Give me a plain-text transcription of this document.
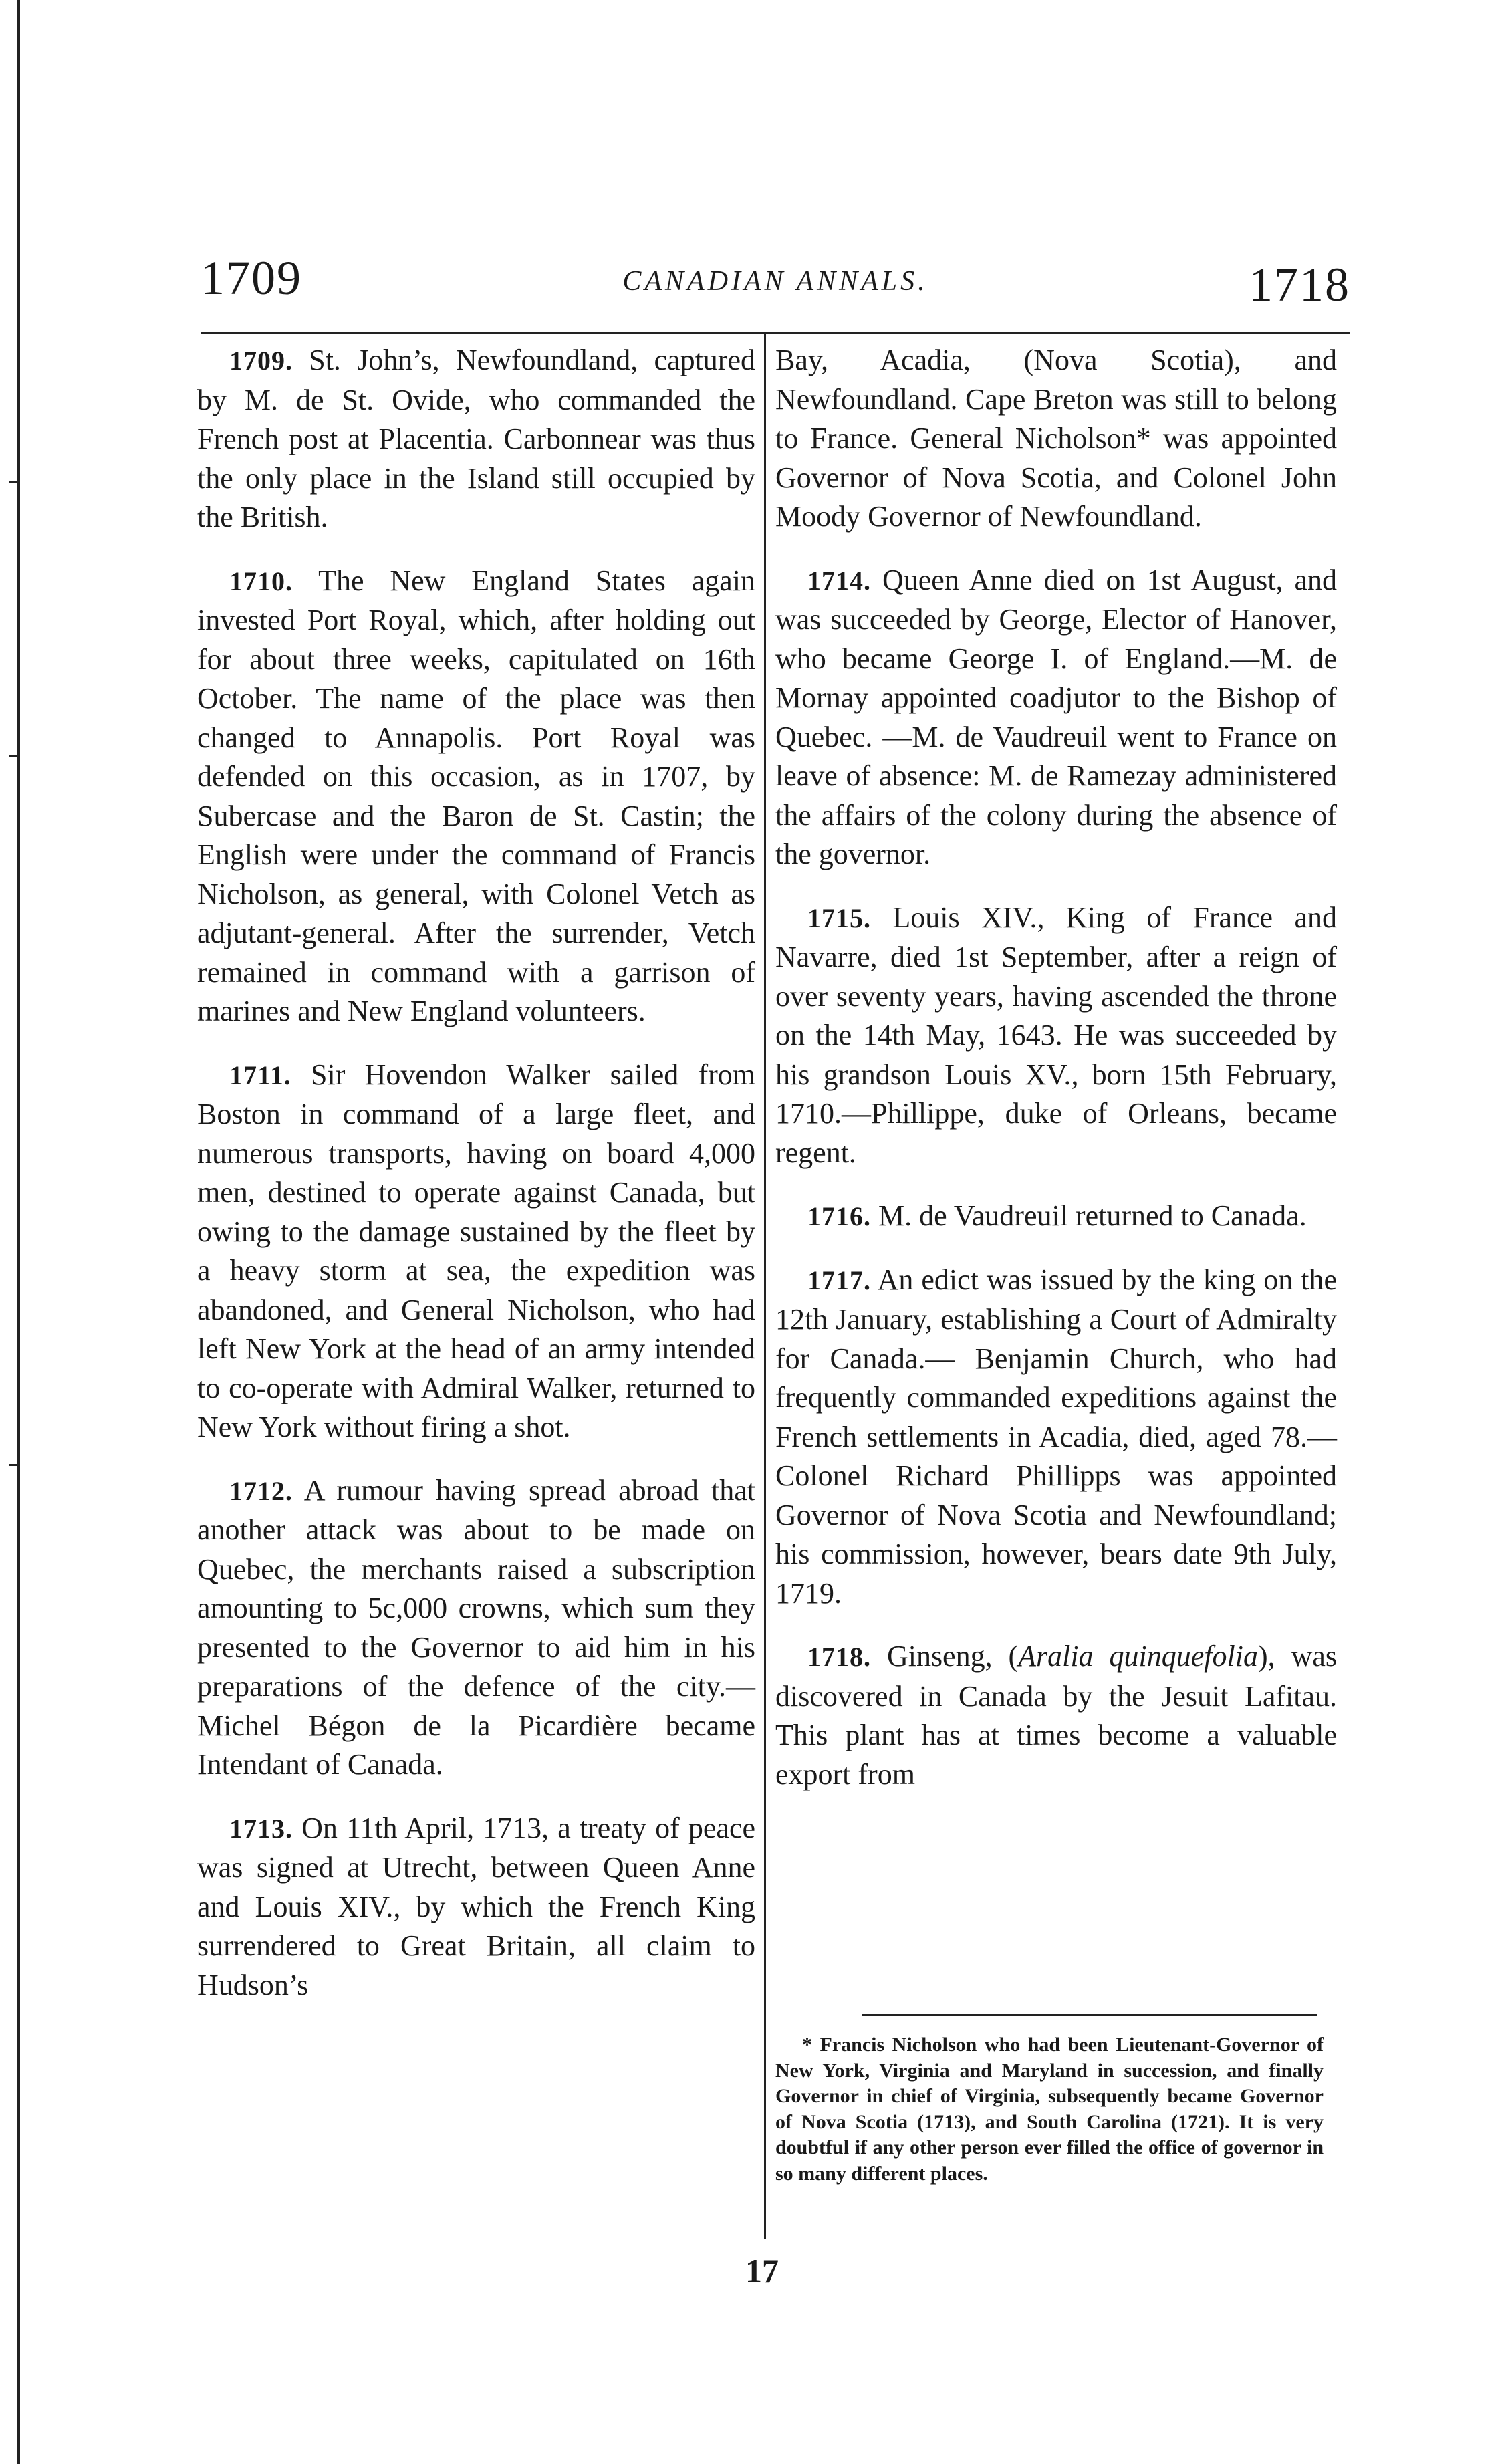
1709	CANADIAN ANNALS.	1718

1709. St. John’s, Newfoundland, captured by M. de St. Ovide, who commanded the French post at Placentia. Carbonnear was thus the only place in the Island still occupied by the British.

1710. The New England States again invested Port Royal, which, after holding out for about three weeks, capitulated on 16th October. The name of the place was then changed to Annapolis. Port Royal was defended on this occasion, as in 1707, by Subercase and the Baron de St. Castin; the English were under the command of Francis Nicholson, as general, with Colonel Vetch as adjutant-general. After the surrender, Vetch remained in command with a garrison of marines and New England volunteers.

1711. Sir Hovendon Walker sailed from Boston in command of a large fleet, and numerous transports, having on board 4,000 men, destined to operate against Canada, but owing to the damage sustained by the fleet by a heavy storm at sea, the expedition was abandoned, and General Nicholson, who had left New York at the head of an army intended to co-operate with Admiral Walker, returned to New York without firing a shot.

1712. A rumour having spread abroad that another attack was about to be made on Quebec, the merchants raised a subscription amounting to 5c,000 crowns, which sum they presented to the Governor to aid him in his preparations of the defence of the city.—Michel Bégon de la Picardière became Intendant of Canada.

1713. On 11th April, 1713, a treaty of peace was signed at Utrecht, between Queen Anne and Louis XIV., by which the French King surrendered to Great Britain, all claim to Hudson’s

Bay, Acadia, (Nova Scotia), and Newfoundland. Cape Breton was still to belong to France. General Nicholson* was appointed Governor of Nova Scotia, and Colonel John Moody Governor of Newfoundland.

1714. Queen Anne died on 1st August, and was succeeded by George, Elector of Hanover, who became George I. of England.—M. de Mornay appointed coadjutor to the Bishop of Quebec. —M. de Vaudreuil went to France on leave of absence: M. de Ramezay administered the affairs of the colony during the absence of the governor.

1715. Louis XIV., King of France and Navarre, died 1st September, after a reign of over seventy years, having ascended the throne on the 14th May, 1643. He was succeeded by his grandson Louis XV., born 15th February, 1710.—Phillippe, duke of Orleans, became regent.

1716. M. de Vaudreuil returned to Canada.

1717. An edict was issued by the king on the 12th January, establishing a Court of Admiralty for Canada.— Benjamin Church, who had frequently commanded expeditions against the French settlements in Acadia, died, aged 78.—Colonel Richard Phillipps was appointed Governor of Nova Scotia and Newfoundland; his commission, however, bears date 9th July, 1719.

1718. Ginseng, (Aralia quinquefolia), was discovered in Canada by the Jesuit Lafitau. This plant has at times become a valuable export from

* Francis Nicholson who had been Lieutenant-Governor of New York, Virginia and Maryland in succession, and finally Governor in chief of Virginia, subsequently became Governor of Nova Scotia (1713), and South Carolina (1721). It is very doubtful if any other person ever filled the office of governor in so many different places.

17
